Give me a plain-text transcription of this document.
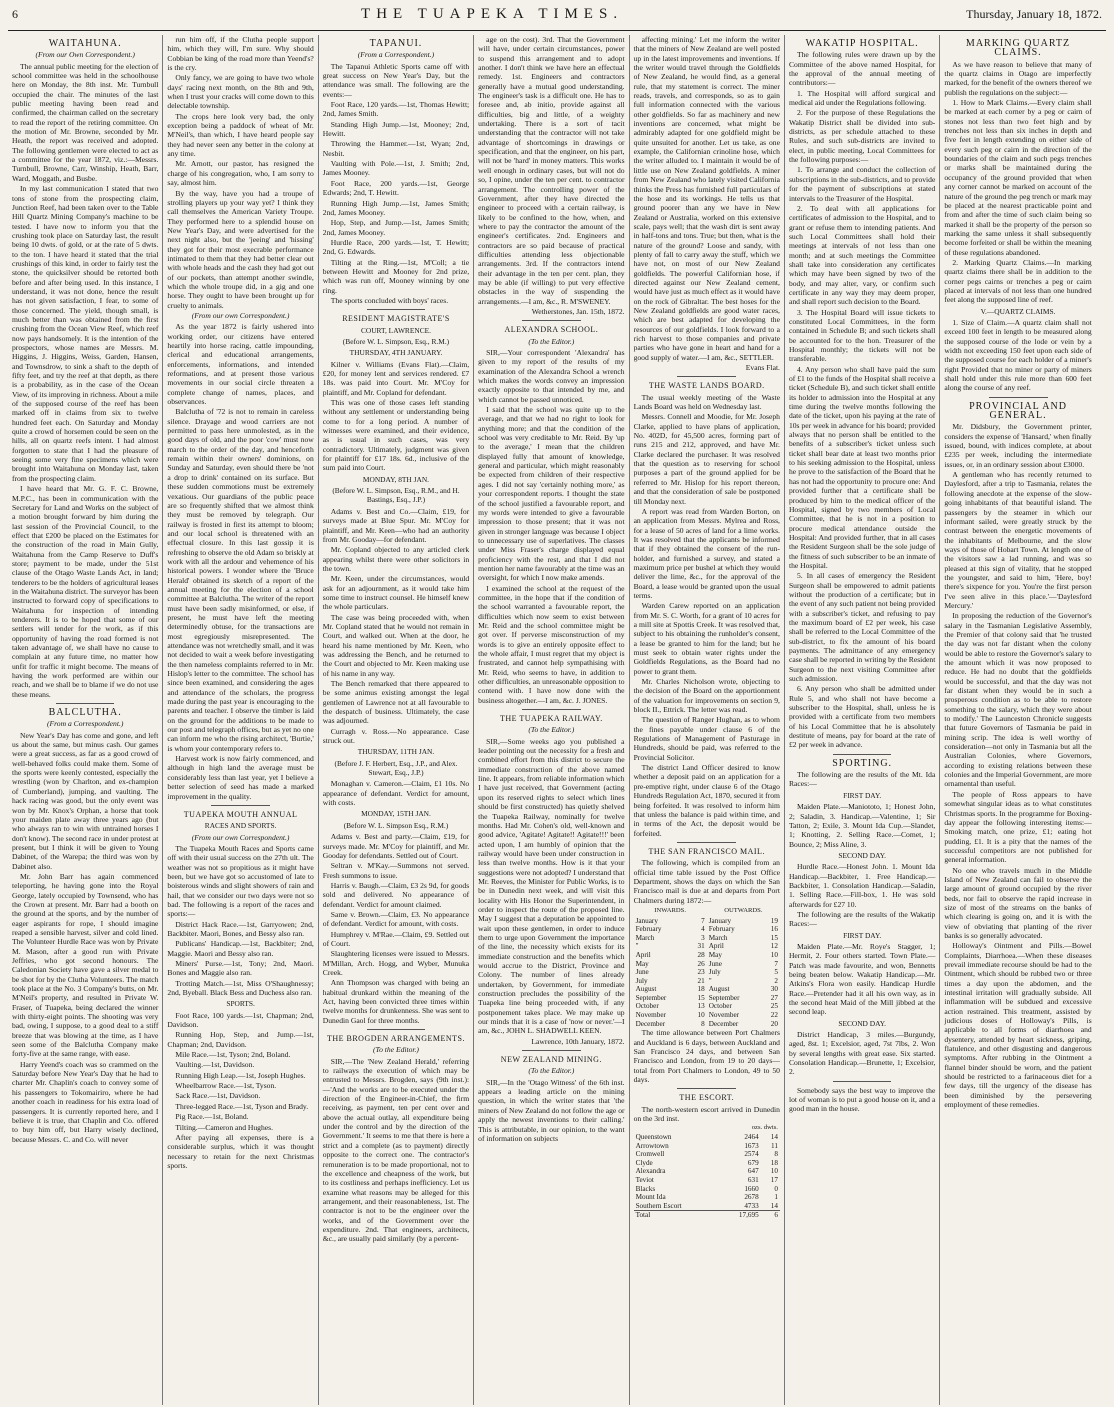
6	THE TUAPEKA TIMES.	Thursday, January 18, 1872.
WAITAHUNA.
(From our Own Correspondent.)

The annual public meeting for the election of school committee was held in the schoolhouse here on Monday, the 8th inst. Mr. Turnbull occupied the chair. The minutes of the last public meeting having been read and confirmed, the chairman called on the secretary to read the report of the retiring committee. On the motion of Mr. Browne, seconded by Mr. Heath, the report was received and adopted. The following gentlemen were elected to act as a committee for the year 1872, viz.:—Messrs. Turnbull, Browne, Carr, Winship, Heath, Barr, Ward, Moggath, and Busbe.

In my last communication I stated that two tons of stone from the prospecting claim, Junction Reef, had been taken over to the Table Hill Quartz Mining Company's machine to be tested. I have now to inform you that the crushing took place on Saturday last, the result being 10 dwts. of gold, or at the rate of 5 dwts. to the ton. I have heard it stated that the trial crushings of this kind, in order to fairly test the stone, the quicksilver should be retorted both before and after being used. In this instance, I understand, it was not done, hence the result has not given satisfaction, I fear, to some of those concerned. The yield, though small, is much better than was obtained from the first crushing from the Ocean View Reef, which reef now pays handsomely. It is the intention of the prospectors, whose names are Messrs. M. Higgins, J. Higgins, Weiss, Garden, Hansen, and Townsdrow, to sink a shaft to the depth of fifty feet, and try the reef at that depth, as there is a probability, as in the case of the Ocean View, of its improving in richness. About a mile of the supposed course of the reef has been marked off in claims from six to twelve hundred feet each. On Saturday and Monday quite a crowd of horsemen could be seen on the hills, all on quartz reefs intent. I had almost forgotten to state that I had the pleasure of seeing some very fine specimens which were brought into Waitahuna on Monday last, taken from the prospecting claim.

I have heard that Mr. G. F. C. Browne, M.P.C., has been in communication with the Secretary for Land and Works on the subject of a motion brought forward by him during the last session of the Provincial Council, to the effect that £200 be placed on the Estimates for the construction of the road in Main Gully, Waitahuna from the Camp Reserve to Duff's store; payment to be made, under the 51st clause of the Otago Waste Lands Act, in land; tenderers to be the holders of agricultural leases in the Waitahuna district. The surveyor has been instructed to forward copy of specifications to Waitahuna for inspection of intending tenderers. It is to be hoped that some of our settlers will tender for the work, as if this opportunity of having the road formed is not taken advantage of, we shall have no cause to complain at any future time, no matter how unfit for traffic it might become. The means of having the work performed are within our reach, and we shall be to blame if we do not use these means.

BALCLUTHA.
(From a Correspondent.)

New Year's Day has come and gone, and left us about the same, but minus cash. Our games were a great success, as far as a good crowd of well-behaved folks could make them. Some of the sports were keenly contested, especially the wrestling (won by Charlton, and ex-champion of Cumberland), jumping, and vaulting. The hack racing was good, but the only event was won by Mr. Knox's Orphan, a horse that took your maiden plate away three years ago (but who always ran to win with untrained horses I don't know). The second race in under protest at present, but I think it will be given to Young Dabinet, of the Warepa; the third was won by Dabinet also.

Mr. John Barr has again commenced teleporting, he having gone into the Royal George, lately occupied by Townsend, who has the Crown at present. Mr. Barr had a booth on the ground at the sports, and by the number of eager aspirants for rope, I should imagine reaped a sensible harvest, silver and cold lined. The Volunteer Hurdle Race was won by Private M. Mason, after a good run with Private Jeffries, who got second honours. The Caledonian Society have gave a silver medal to be shot for by the Clutha Volunteers. The match took place at the No. 3 Company's butts, on Mr. M'Neil's property, and resulted in Private W. Fraser, of Tuapeka, being declared the winner with thirty-eight points. The shooting was very bad, owing, I suppose, to a good deal to a stiff breeze that was blowing at the time, as I have seen some of the Balclutha Company make forty-five at the same range, with ease.

Harry Yeend's coach was so crammed on the Saturday before New Year's Day that he had to charter Mr. Chaplin's coach to convey some of his passengers to Tokomairiro, where he had another coach in readiness for his extra load of passengers. It is currently reported here, and I believe it is true, that Chaplin and Co. offered to buy him off, but Harry wisely declined, because Messrs. C. and Co. will never

run him off, if the Clutha people support him, which they will, I'm sure. Why should Cobbian be king of the road more than Yeend's? is the cry.

Only fancy, we are going to have two whole days' racing next month, on the 8th and 9th, when I trust your cracks will come down to this delectable township.

The crops here look very bad, the only exception being a paddock of wheat of Mr. M'Neil's, than which, I have heard people say they had never seen any better in the colony at any time.

Mr. Arnott, our pastor, has resigned the charge of his congregation, who, I am sorry to say, almost him.

By the way, have you had a troupe of strolling players up your way yet? I think they call themselves the American Variety Troupe. They performed here to a splendid house on New Year's Day, and were advertised for the next night also, but the 'jeeing' and 'hissing' they got for their most execrable performance intimated to them that they had better clear out with whole heads and the cash they had got out of our pockets, than attempt another swindle, which the whole troupe did, in a gig and one horse. They ought to have been brought up for cruelty to animals.

(From our own Correspondent.)

As the year 1872 is fairly ushered into working order, our citizens have entered heartily into horse racing, cattle impounding, clerical and educational arrangements, enforcements, informations, and intended reformations, and at present those various movements in our social circle threaten a complete change of names, places, and observances.

Balclutha of '72 is not to remain in careless silence. Drayage and wood carriers are not permitted to pass here unmolested, as in the good days of old, and the poor 'cow' must now march to the order of the day, and henceforth remain within their owners' dominions, on Sunday and Saturday, even should there be 'not a drop to drink' contained on its surface. But these sudden commotions must be extremely vexatious. Our guardians of the public peace are so frequently shifted that we almost think they must be removed by telegraph. Our railway is frosted in first its attempt to bloom; and our local school is threatened with an effectual closure. In this last gossip it is refreshing to observe the old Adam so briskly at work with all the ardour and vehemence of his historical powers. I wonder where the 'Bruce Herald' obtained its sketch of a report of the annual meeting for the election of a school committee at Balclutha. The writer of the report must have been sadly misinformed, or else, if present, he must have left the meeting determinedly obtuse, for the transactions are most egregiously misrepresented. The attendance was not wretchedly small, and it was not decided to wait a week before investigating the then nameless complaints referred to in Mr. Hislop's letter to the committee. The school has since been examined, and considering the ages and attendance of the scholars, the progress made during the past year is encouraging to the parents and teacher. I observe the timber is laid on the ground for the additions to be made to our post and telegraph offices, but as yet no one can inform me who the rising architect, 'Burtie,' is whom your contemporary refers to.

Harvest work is now fairly commenced, and although in high land the average must be considerably less than last year, yet I believe a better selection of seed has made a marked improvement in the quality.

TUAPEKA MOUTH ANNUAL
RACES AND SPORTS.
(From our own Correspondent.)

The Tuapeka Mouth Races and Sports came off with their usual success on the 27th ult. The weather was not so propitious as it might have been, but we have got so accustomed of late to boisterous winds and slight showers of rain and hail, that we consider our two days were not so bad. The following is a report of the races and sports:—

District Hack Race.—1st, Garryowen; 2nd, Backbiter. Maori, Bones, and Bessy also ran.

Publicans' Handicap.—1st, Backbiter; 2nd, Maggie. Maori and Bessy also ran.

Miners' Purse.—1st, Tony; 2nd, Maori. Bones and Maggie also ran.

Trotting Match.—1st, Miss O'Shaughnessy; 2nd, Byeball. Black Bess and Duchess also ran.

SPORTS.

Foot Race, 100 yards.—1st, Chapman; 2nd, Davidson.

Running Hop, Step, and Jump.—1st, Chapman; 2nd, Davidson.

Mile Race.—1st, Tyson; 2nd, Boland.

Vaulting.—1st, Davidson.

Running High Leap.—1st, Joseph Hughes.

Wheelbarrow Race.—1st, Tyson.

Sack Race.—1st, Davidson.

Three-legged Race.—1st, Tyson and Brady.

Pig Race.—1st, Boland.

Tilting.—Cameron and Hughes.

After paying all expenses, there is a considerable surplus, which it was thought necessary to retain for the next Christmas sports.

TAPANUI.
(From a Correspondent.)

The Tapanui Athletic Sports came off with great success on New Year's Day, but the attendance was small. The following are the events:—

Foot Race, 120 yards.—1st, Thomas Hewitt; 2nd, James Smith.

Standing High Jump.—1st, Mooney; 2nd, Hewitt.

Throwing the Hammer.—1st, Wyan; 2nd, Nesbit.

Vaulting with Pole.—1st, J. Smith; 2nd, James Mooney.

Foot Race, 200 yards.—1st, George Edwards; 2nd, T. Hewitt.

Running High Jump.—1st, James Smith; 2nd, James Mooney.

Hop, Step, and Jump.—1st, James Smith; 2nd, James Mooney.

Hurdle Race, 200 yards.—1st, T. Hewitt; 2nd, G. Edwards.

Tilting at the Ring.—1st, M'Coll; a tie between Hewitt and Mooney for 2nd prize, which was run off, Mooney winning by one ring.

The sports concluded with boys' races.

RESIDENT MAGISTRATE'S
COURT, LAWRENCE.
(Before W. L. Simpson, Esq., R.M.)
THURSDAY, 4TH JANUARY.

Kilner v. Williams (Evans Flat).—Claim, £20, for money lent and services rendered. £7 18s. was paid into Court. Mr. M'Coy for plaintiff, and Mr. Copland for defendant.

This was one of those cases left standing without any settlement or understanding being come to for a long period. A number of witnesses were examined, and their evidence, as is usual in such cases, was very contradictory. Ultimately, judgment was given for plaintiff for £17 18s. 6d., inclusive of the sum paid into Court.

MONDAY, 8TH JAN.
(Before W. L. Simpson, Esq., R.M., and H. Bastings, Esq., J.P.)

Adams v. Best and Co.—Claim, £19, for surveys made at Blue Spur. Mr. M'Coy for plaintiff, and Mr. Keen—who had an authority from Mr. Gooday—for defendant.

Mr. Copland objected to any articled clerk appearing whilst there were other solicitors in the town.

Mr. Keen, under the circumstances, would ask for an adjournment, as it would take him some time to instruct counsel. He himself knew the whole particulars.

The case was being proceeded with, when Mr. Copland stated that he would not remain in Court, and walked out. When at the door, he heard his name mentioned by Mr. Keen, who was addressing the Bench, and he returned to the Court and objected to Mr. Keen making use of his name in any way.

The Bench remarked that there appeared to be some animus existing amongst the legal gentlemen of Lawrence not at all favourable to the despatch of business. Ultimately, the case was adjourned.

Curragh v. Ross.—No appearance. Case struck out.

THURSDAY, 11TH JAN.
(Before J. F. Herbert, Esq., J.P., and Alex. Stewart, Esq., J.P.)

Monaghan v. Cameron.—Claim, £1 10s. No appearance of defendant. Verdict for amount, with costs.

MONDAY, 15TH JAN.
(Before W. L. Simpson Esq., R.M.)

Adams v. Best and party.—Claim, £19, for surveys made. Mr. M'Coy for plaintiff, and Mr. Gooday for defendants. Settled out of Court.

Seltran v. M'Kay.—Summons not served. Fresh summons to issue.

Harris v. Baugh.—Claim, £3 2s 9d, for goods sold and delivered. No appearance of defendant. Verdict for amount claimed.

Same v. Brown.—Claim, £3. No appearance of defendant. Verdict for amount, with costs.

Humphrey v. M'Rae.—Claim, £9. Settled out of Court.

Slaughtering licenses were issued to Messrs. M'Millan, Arch. Hogg, and Wyber, Munuka Creek.

Ann Thompson was charged with being an habitual drunkard within the meaning of the Act, having been convicted three times within twelve months for drunkenness. She was sent to Dunedin Gaol for three months.

THE BROGDEN ARRANGEMENTS.
(To the Editor.)

SIR,—The 'New Zealand Herald,' referring to railways the execution of which may be entrusted to Messrs. Brogden, says (9th inst.):—'And the works are to be executed under the direction of the Engineer-in-Chief, the firm receiving, as payment, ten per cent over and above the actual outlay, all expenditure being under the control and by the direction of the Government.' It seems to me that there is here a strict and a complete (as to payment) directly opposite to the correct one. The contractor's remuneration is to be made proportional, not to the excellence and cheapness of the work, but to its costliness and perhaps inefficiency. Let us examine what reasons may be alleged for this arrangement, and their reasonableness, 1st. The contractor is not to be the engineer over the works, and of the Government over the expenditure. 2nd. That engineers, architects, &c., are usually paid similarly (by a percent-

age on the cost). 3rd. That the Government will have, under certain circumstances, power to suspend this arrangement and to adopt another. I don't think we have here an effectual remedy. 1st. Engineers and contractors generally have a mutual good understanding. The engineer's task is a difficult one. He has to foresee and, ab initio, provide against all difficulties, big and little, of a weighty undertaking. There is a sort of tacit understanding that the contractor will not take advantage of shortcomings in drawings or specification, and that the engineer, on his part, will not be 'hard' in money matters. This works well enough in ordinary cases, but will not do so, I opine, under the ten per cent. to contractor arrangement. The controlling power of the Government, after they have directed the engineer to proceed with a certain railway, is likely to be confined to the how, when, and where to pay the contractor the amount of the engineer's certificates. 2nd. Engineers and contractors are so paid because of practical difficulties attending less objectionable arrangements. 3rd. If the contractors intend their advantage in the ten per cent. plan, they may be able (if willing) to put very effective obstacles in the way of suspending the arrangements.—I am, &c., R. M'SWENEY.

Wetherstones, Jan. 15th, 1872.
ALEXANDRA SCHOOL.
(To the Editor.)

SIR,—Your correspondent 'Alexandra' has given to my report of the results of my examination of the Alexandra School a wrench which makes the words convey an impression exactly opposite to that intended by me, and which cannot be passed unnoticed.

I said that the school was quite up to the average, and that we had no right to look for anything more; and that the condition of the school was very creditable to Mr. Reid. By 'up to the average,' I mean that the children displayed fully that amount of knowledge, general and particular, which might reasonably be expected from children of their respective ages. I did not say 'certainly nothing more,' as your correspondent reports. I thought the state of the school justified a favourable report, and my words were intended to give a favourable impression to those present; that it was not given in stronger language was because I object to unnecessary use of superlatives. The classes under Miss Fraser's charge displayed equal proficiency with the rest, and that I did not mention her name favourably at the time was an oversight, for which I now make amends.

I examined the school at the request of the committee, in the hope that if the condition of the school warranted a favourable report, the difficulties which now seem to exist between Mr. Reid and the school committee might be got over. If perverse misconstruction of my words is to give an entirely opposite effect to the whole affair, I must regret that my object is frustrated, and cannot help sympathising with Mr. Reid, who seems to have, in addition to other difficulties, an unreasonable opposition to contend with. I have now done with the business altogether.—I am, &c. J. JONES.

THE TUAPEKA RAILWAY.
(To the Editor.)

SIR,—Some weeks ago you published a leader pointing out the necessity for a fresh and combined effort from this district to secure the immediate construction of the above named line. It appears, from reliable information which I have just received, that Government (acting upon its reserved rights to select which lines should be first constructed) has quietly shelved the Tuapeka Railway, nominally for twelve months. Had Mr. Cohen's old, well-known and good advice, 'Agitate! Agitate!! Agitate!!!' been acted upon, I am humbly of opinion that the railway would have been under construction in less than twelve months. How is it that your suggestions were not adopted? I understand that Mr. Reeves, the Minister for Public Works, is to be in Dunedin next week, and will visit this locality with His Honor the Superintendent, in order to inspect the route of the proposed line. May I suggest that a deputation be appointed to wait upon these gentlemen, in order to induce them to urge upon Government the importance of the line, the necessity which exists for its immediate construction and the benefits which would accrue to the District, Province and Colony. The number of lines already undertaken, by Government, for immediate construction precludes the possibility of the Tuapeka line being proceeded with, if any postponement takes place. We may make up our minds that it is a case of 'now or never.'—I am, &c., JOHN L. SHADWELL KEEN.

Lawrence, 10th January, 1872.
NEW ZEALAND MINING.
(To the Editor.)

SIR,—In the 'Otago Witness' of the 6th inst. appears a leading article on the mining question, in which the writer states that 'the miners of New Zealand do not follow the age or apply the newest inventions to their calling.' This is attributable, in our opinion, to the want of information on subjects

affecting mining.' Let me inform the writer that the miners of New Zealand are well posted up in the latest improvements and inventions. If the writer would travel through the Goldfields of New Zealand, he would find, as a general rule, that my statement is correct. The miner reads, travels, and corresponds, so as to gain full information connected with the various other goldfields. So far as machinery and new inventions are concerned, what might be admirably adapted for one goldfield might be quite unsuited for another. Let us take, as one example, the Californian crinoline hose, which the writer alluded to. I maintain it would be of little use on New Zealand goldfields. A miner from New Zealand who lately visited California thinks the Press has furnished full particulars of the hose and its workings. He tells us that ground poorer than any we have in New Zealand or Australia, worked on this extensive scale, pays well; that the wash dirt is sent away in half-tons and tons. True; but then, what is the nature of the ground? Loose and sandy, with plenty of fall to carry away the stuff, which we have not, on most of our New Zealand goldfields. The powerful Californian hose, if directed against our New Zealand cement, would have just as much effect as it would have on the rock of Gibraltar. The best hoses for the New Zealand goldfields are good water races, which are best adapted for developing the resources of our goldfields. I look forward to a rich harvest to those companies and private parties who have gone in heart and hand for a good supply of water.—I am, &c., SETTLER.

Evans Flat.
THE WASTE LANDS BOARD.

The usual weekly meeting of the Waste Lands Board was held on Wednesday last.

Messrs. Connell and Moodie, for Mr. Joseph Clarke, applied to have plans of application, No. 402D, for 45,500 acres, forming part of runs 215 and 212, approved, and have Mr. Clarke declared the purchaser. It was resolved that the question as to reserving for school purposes a part of the ground applied for be referred to Mr. Hislop for his report thereon, and that the consideration of sale be postponed till Monday next.

A report was read from Warden Borton, on an application from Messrs. Mylrea and Ross, for a lease of 50 acres of land for a lime works. It was resolved that the applicants be informed that if they obtained the consent of the run-holder, and furnished a survey, and stated a maximum price per bushel at which they would deliver the lime, &c., for the approval of the Board, a lease would be granted upon the usual terms.

Warden Carew reported on an application from Mr. S. C. Worth, for a grant of 10 acres for a mill site at Spottis Creek. It was resolved that, subject to his obtaining the runholder's consent, a lease be granted to him for the land; but he must seek to obtain water rights under the Goldfields Regulations, as the Board had no power to grant them.

Mr. Charles Nicholson wrote, objecting to the decision of the Board on the apportionment of the valuation for improvements on section 9, block II., Ettrick. The letter was read.

The question of Ranger Hughan, as to whom the fines payable under clause 6 of the Regulations of Management of Pasturage in Hundreds, should be paid, was referred to the Provincial Solicitor.

The district Land Officer desired to know whether a deposit paid on an application for a pre-emptive right, under clause 6 of the Otago Hundreds Regulation Act, 1870, secured it from being forfeited. It was resolved to inform him that unless the balance is paid within time, and in terms of the Act, the deposit would be forfeited.

THE SAN FRANCISCO MAIL.

The following, which is compiled from an official time table issued by the Post Office Department, shows the days on which the San Francisco mail is due at and departs from Port Chalmers during 1872:—

INWARDS.		OUTWARDS.	
January	7	January	19
February	4	February	16
March	3	March	15
"	31	April	12
April	28	May	10
May	26	June	7
June	23	July	5
July	21	"	2
August	18	August	30
September	15	September	27
October	13	October	25
November	10	November	22
December	8	December	20

The time allowance between Port Chalmers and Auckland is 6 days, between Auckland and San Francisco 24 days, and between San Francisco and London, from 19 to 20 days—total from Port Chalmers to London, 49 to 50 days.

THE ESCORT.

The north-western escort arrived in Dunedin on the 3rd inst.

	ozs. dwts.	
Queenstown	2464	14
Arrowtown	1673	11
Cromwell	2574	8
Clyde	679	18
Alexandra	647	10
Teviot	631	17
Blacks	1660	0
Mount Ida	2678	1
Southern Escort	4733	14
Total	17,695	6
WAKATIP HOSPITAL.

The following rules were drawn up by the Committee of the above named Hospital, for the approval of the annual meeting of contributors:—

1. The Hospital will afford surgical and medical aid under the Regulations following.

2. For the purpose of these Regulations the Wakatip District shall be divided into sub-districts, as per schedule attached to these Rules, and such sub-districts are invited to elect, in public meeting, Local Committees for the following purposes:—

1. To arrange and conduct the collection of subscriptions in the sub-districts, and to provide for the payment of subscriptions at stated intervals to the Treasurer of the Hospital.

2. To deal with all applications for certificates of admission to the Hospital, and to grant or refuse them to intending patients. And such Local Committees shall hold their meetings at intervals of not less than one month; and at such meetings the Committee shall take into consideration any certificates which may have been signed by two of the body, and may alter, vary, or confirm such certificate in any way they may deem proper, and shall report such decision to the Board.

3. The Hospital Board will issue tickets to constituted Local Committees, in the form contained in Schedule B; and such tickets shall be accounted for to the hon. Treasurer of the Hospital monthly; the tickets will not be transferable.

4. Any person who shall have paid the sum of £1 to the funds of the Hospital shall receive a ticket (Schedule B), and such ticket shall entitle its holder to admission into the Hospital at any time during the twelve months following the date of the ticket, upon his paying at the rate of 10s per week in advance for his board; provided always that no person shall be entitled to the benefits of a subscriber's ticket unless such ticket shall bear date at least two months prior to his seeking admission to the Hospital, unless he prove to the satisfaction of the Board that he has not had the opportunity to procure one: And provided further that a certificate shall be produced by him to the medical officer of the Hospital, signed by two members of Local Committee, that he is not in a position to procure medical attendance outside the Hospital: And provided further, that in all cases the Resident Surgeon shall be the sole judge of the fitness of such subscriber to be an inmate of the Hospital.

5. In all cases of emergency the Resident Surgeon shall be empowered to admit patients without the production of a certificate; but in the event of any such patient not being provided with a subscriber's ticket, and refusing to pay the maximum board of £2 per week, his case shall be referred to the Local Committee of the sub-district, to fix the amount of his board payments. The admittance of any emergency case shall be reported in writing by the Resident Surgeon to the next visiting Committee after such admission.

6. Any person who shall be admitted under Rule 5, and who shall not have become a subscriber to the Hospital, shall, unless he is provided with a certificate from two members of his Local Committee that he is absolutely destitute of means, pay for board at the rate of £2 per week in advance.

SPORTING.

The following are the results of the Mt. Ida Races:—

FIRST DAY.

Maiden Plate.—Maniototo, 1; Honest John, 2; Saladin, 3. Handicap.—Valentine, 1; Sir Tatton, 2; Exile, 3. Mount Ida Cup.—Slandet, 1; Knotting, 2. Selling Race.—Comet, 1; Bounce, 2; Miss Aline, 3.

SECOND DAY.

Hurdle Race.—Honest John. 1. Mount Ida Handicap.—Backbiter, 1. Free Handicap.—Backbiter, 1. Consolation Handicap.—Saladin, 1. Selling Race.—Fill-box, 1. He was sold afterwards for £27 10.

The following are the results of the Wakatip Races:—

FIRST DAY.

Maiden Plate.—Mr. Roye's Stagger, 1; Hermit, 2. Four others started. Town Plate.—Patch was made favourite, and won, Bennetts being beaten below. Wakatip Handicap.—Mr. Atkins's Flora won easily. Handicap Hurdle Race.—Pretender had it all his own way, as in the second heat Maid of the Mill jibbed at the second leap.

SECOND DAY.

District Handicap, 3 miles.—Burgundy, aged, 8st. 1; Excelsior, aged, 7st 7lbs, 2. Won by several lengths with great ease. Six started. Consolation Handicap.—Brunette, 1; Excelsior, 2.

Somebody says the best way to improve the lot of woman is to put a good house on it, and a good man in the house.

MARKING QUARTZ CLAIMS.

As we have reason to believe that many of the quartz claims in Otago are imperfectly marked, for the benefit of the owners thereof we publish the regulations on the subject:—

1. How to Mark Claims.—Every claim shall be marked at each corner by a peg or cairn of stones not less than two feet high and by trenches not less than six inches in depth and five feet in length extending on either side of every such peg or cairn in the direction of the boundaries of the claim and such pegs trenches or marks shall be maintained during the occupancy of the ground provided that when any corner cannot be marked on account of the nature of the ground the peg trench or mark may be placed at the nearest practicable point and from and after the time of such claim being so marked it shall be the property of the person so marking the same unless it shall subsequently become forfeited or shall be within the meaning of these regulations abandoned.

2. Marking Quartz Claims.—In marking quartz claims there shall be in addition to the corner pegs cairns or trenches a peg or cairn placed at intervals of not less than one hundred feet along the supposed line of reef.

V.—QUARTZ CLAIMS.

1. Size of Claim.—A quartz claim shall not exceed 100 feet in length to be measured along the supposed course of the lode or vein by a width not exceeding 150 feet upon each side of the supposed course for each holder of a miner's right Provided that no miner or party of miners shall hold under this rule more than 600 feet along the course of any reef.

PROVINCIAL AND GENERAL.

Mr. Didsbury, the Government printer, considers the expense of 'Hansard,' when finally issued, bound, with indices complete, at about £235 per week, including the intermediate issues, or, in an ordinary session about £3000.

A gentleman who has recently returned to Daylesford, after a trip to Tasmania, relates the following anecdote at the expense of the slow-going inhabitants of that beautiful island. The passengers by the steamer in which our informant sailed, were greatly struck by the contrast between the energetic movements of the inhabitants of Melbourne, and the slow ways of those of Hobart Town. At length one of the visitors saw a lad running, and was so pleased at this sign of vitality, that he stopped the youngster, and said to him, 'Here, boy! there's sixpence for you. You're the first person I've seen alive in this place.'—'Daylesford Mercury.'

In proposing the reduction of the Governor's salary in the Tasmanian Legislative Assembly, the Premier of that colony said that 'he trusted the day was not far distant when the colony would be able to restore the Governor's salary to the amount which it was now proposed to reduce. He had no doubt that the goldfields would be successful, and that the day was not far distant when they would be in such a prosperous condition as to be able to restore something to the salary, which they were about to modify.' The Launceston Chronicle suggests that future Governors of Tasmania be paid in mining scrip. The idea is well worthy of consideration—not only in Tasmania but all the Australian Colonies, where Governors, according to existing relations between these colonies and the Imperial Government, are more ornamental than useful.

The people of Ross appears to have somewhat singular ideas as to what constitutes Christmas sports. In the programme for Boxing-day appear the following interesting items:—Smoking match, one prize, £1; eating hot pudding, £1. It is a pity that the names of the successful competitors are not published for general information.

No one who travels much in the Middle Island of New Zealand can fail to observe the large amount of ground occupied by the river beds, nor fail to observe the rapid increase in size of most of the streams on the banks of which clearing is going on, and it is with the view of obviating that planting of the river banks is so generally advocated.

Holloway's Ointment and Pills.—Bowel Complaints, Diarrhoea.—When these diseases prevail immediate recourse should be had to the Ointment, which should be rubbed two or three times a day upon the abdomen, and the intestinal irritation will gradually subside. All inflammation will be subdued and excessive action restrained. This treatment, assisted by judicious doses of Holloway's Pills, is applicable to all forms of diarrhoea and dysentery, attended by heart sickness, griping, flatulence, and other disgusting and dangerous symptoms. After rubbing in the Ointment a flannel binder should be worn, and the patient should be restricted to a farinaceous diet for a few days, till the urgency of the disease has been diminished by the persevering employment of these remedies.
